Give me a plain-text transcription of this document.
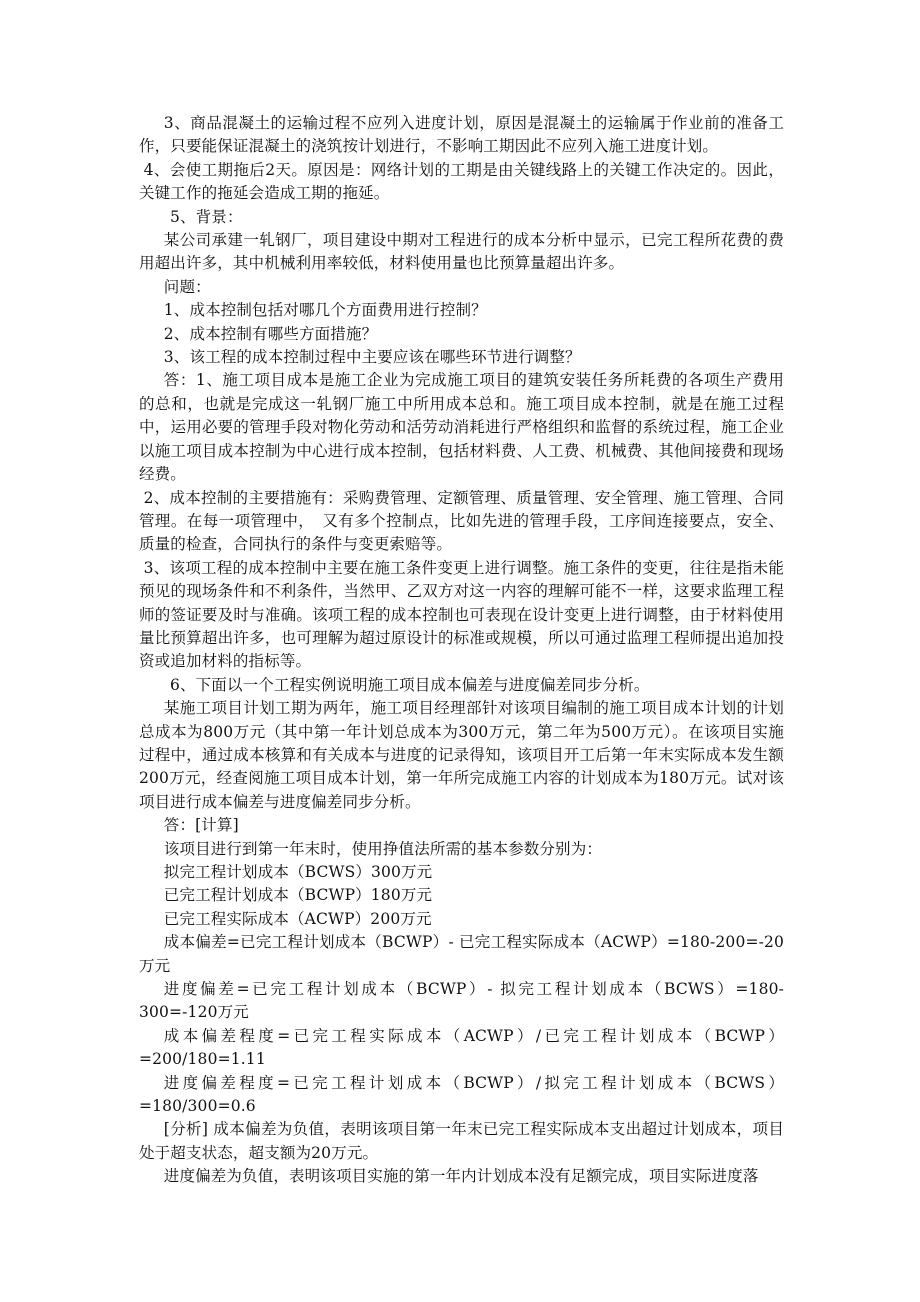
3、商品混凝土的运输过程不应列入进度计划，原因是混凝土的运输属于作业前的准备工作，只要能保证混凝土的浇筑按计划进行，不影响工期因此不应列入施工进度计划。

4、会使工期拖后2天。原因是：网络计划的工期是由关键线路上的关键工作决定的。因此，关键工作的拖延会造成工期的拖延。

5、背景：

某公司承建一轧钢厂，项目建设中期对工程进行的成本分析中显示，已完工程所花费的费用超出许多，其中机械利用率较低，材料使用量也比预算量超出许多。

问题：

1、成本控制包括对哪几个方面费用进行控制？

2、成本控制有哪些方面措施？

3、该工程的成本控制过程中主要应该在哪些环节进行调整？

答：1、施工项目成本是施工企业为完成施工项目的建筑安装任务所耗费的各项生产费用的总和，也就是完成这一轧钢厂施工中所用成本总和。施工项目成本控制，就是在施工过程中，运用必要的管理手段对物化劳动和活劳动消耗进行严格组织和监督的系统过程，施工企业以施工项目成本控制为中心进行成本控制，包括材料费、人工费、机械费、其他间接费和现场经费。

2、成本控制的主要措施有：采购费管理、定额管理、质量管理、安全管理、施工管理、合同管理。在每一项管理中，　又有多个控制点，比如先进的管理手段，工序间连接要点，安全、质量的检查，合同执行的条件与变更索赔等。

3、该项工程的成本控制中主要在施工条件变更上进行调整。施工条件的变更，往往是指未能预见的现场条件和不利条件，当然甲、乙双方对这一内容的理解可能不一样，这要求监理工程师的签证要及时与准确。该项工程的成本控制也可表现在设计变更上进行调整，由于材料使用量比预算超出许多，也可理解为超过原设计的标准或规模，所以可通过监理工程师提出追加投资或追加材料的指标等。

6、下面以一个工程实例说明施工项目成本偏差与进度偏差同步分析。

某施工项目计划工期为两年，施工项目经理部针对该项目编制的施工项目成本计划的计划总成本为800万元（其中第一年计划总成本为300万元，第二年为500万元）。在该项目实施过程中，通过成本核算和有关成本与进度的记录得知，该项目开工后第一年末实际成本发生额200万元，经查阅施工项目成本计划，第一年所完成施工内容的计划成本为180万元。试对该项目进行成本偏差与进度偏差同步分析。

答：[计算]

该项目进行到第一年末时，使用挣值法所需的基本参数分别为：

拟完工程计划成本（BCWS）300万元

已完工程计划成本（BCWP）180万元

已完工程实际成本（ACWP）200万元

成本偏差=已完工程计划成本（BCWP）- 已完工程实际成本（ACWP）=180-200=-20万元

进度偏差=已完工程计划成本（BCWP）- 拟完工程计划成本（BCWS）=180-300=-120万元

成本偏差程度=已完工程实际成本（ACWP）/已完工程计划成本（BCWP）=200/180=1.11

进度偏差程度=已完工程计划成本（BCWP）/拟完工程计划成本（BCWS）=180/300=0.6

[分析] 成本偏差为负值，表明该项目第一年末已完工程实际成本支出超过计划成本，项目处于超支状态，超支额为20万元。

进度偏差为负值，表明该项目实施的第一年内计划成本没有足额完成，项目实际进度落
